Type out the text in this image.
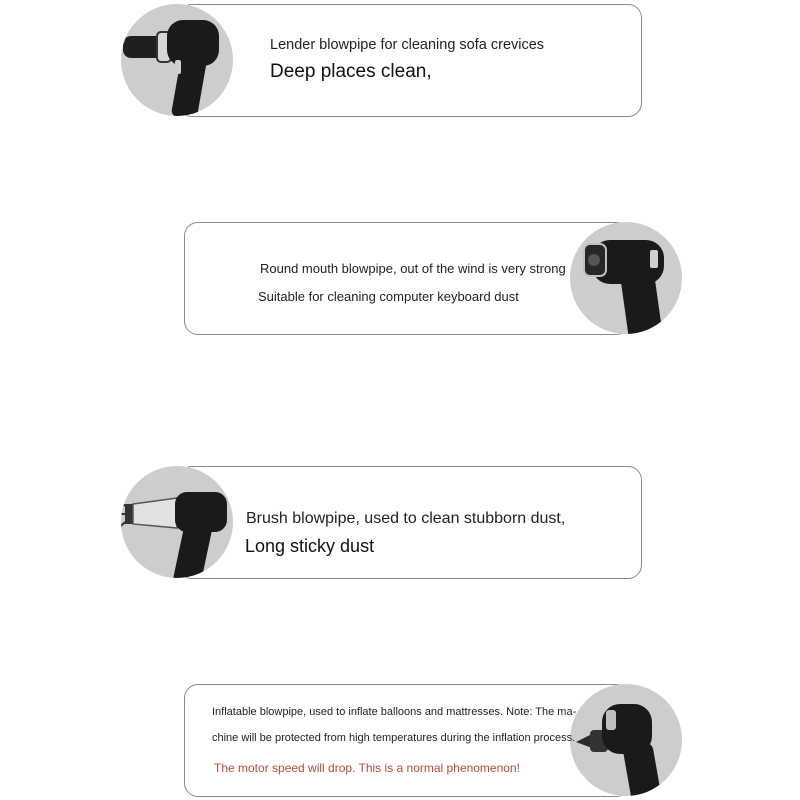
Lender blowpipe for cleaning sofa crevices
Deep places clean,
Round mouth blowpipe, out of the wind is very strong
Suitable for cleaning computer keyboard dust
Brush blowpipe, used to clean stubborn dust,
Long sticky dust
Inflatable blowpipe, used to inflate balloons and mattresses. Note: The ma-
chine will be protected from high temperatures during the inflation process.
The motor speed will drop. This is a normal phenomenon!
